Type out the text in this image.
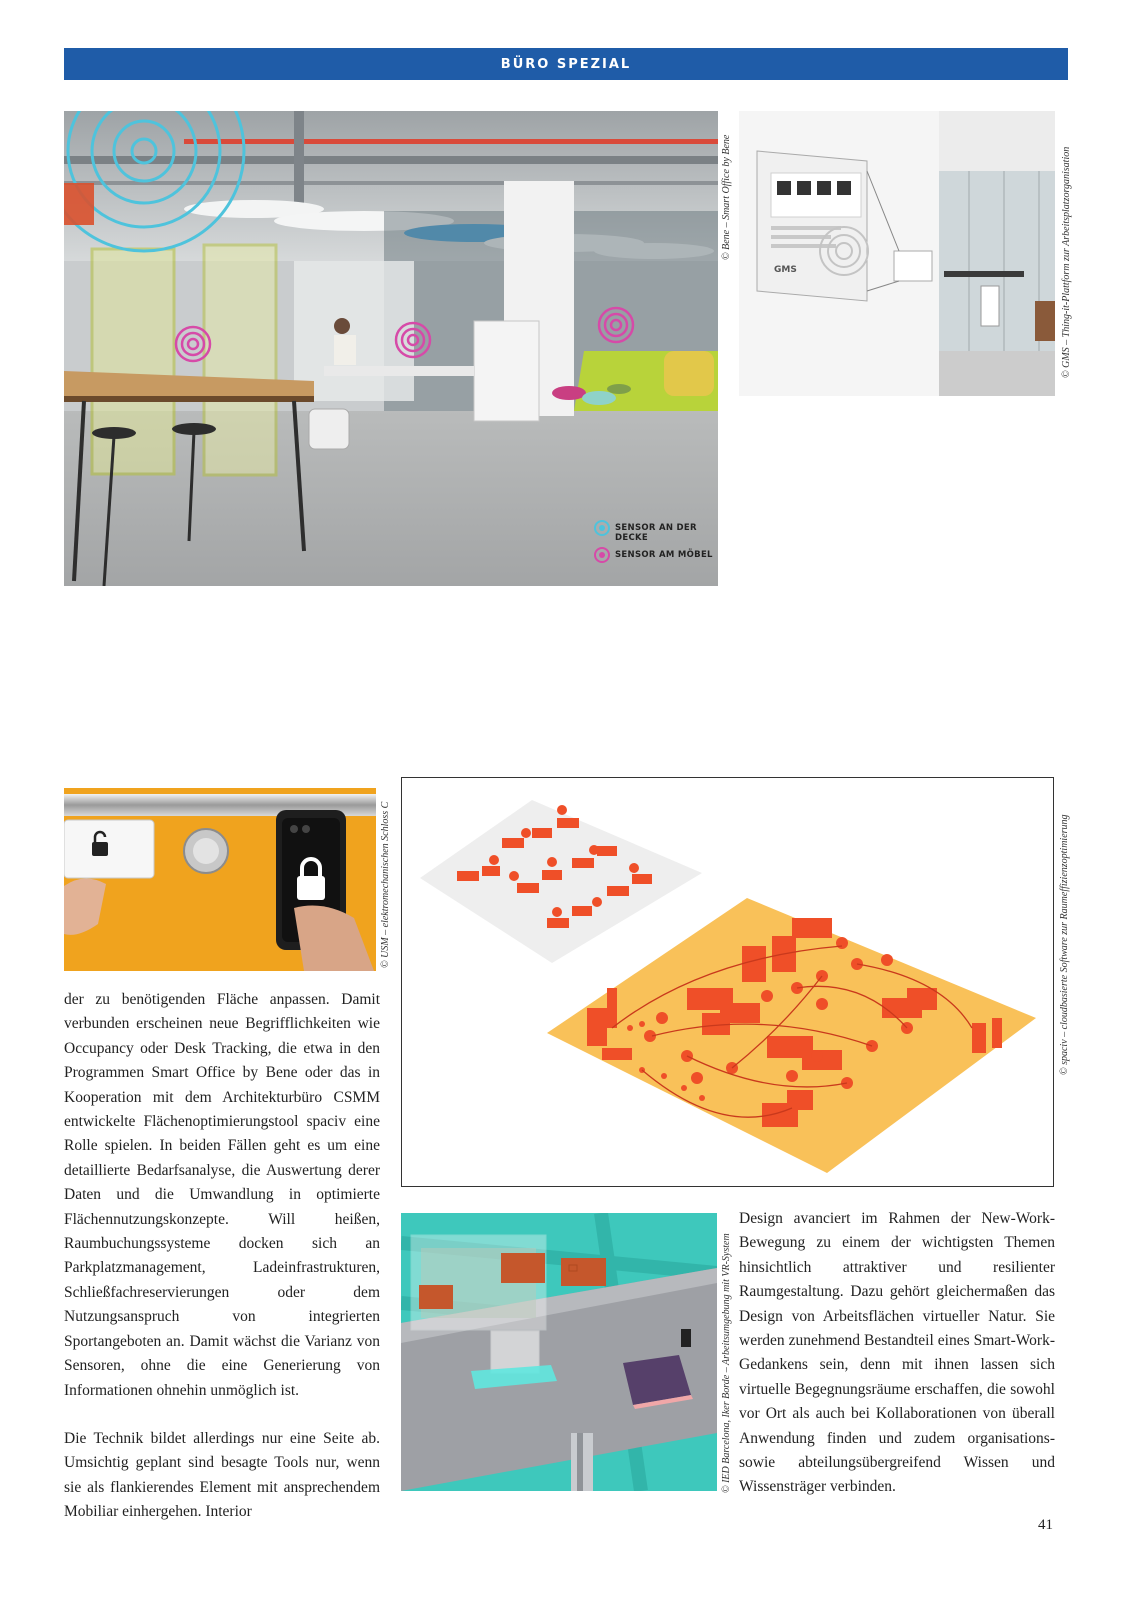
BÜRO SPEZIAL
SENSOR AN DER DECKE
SENSOR AM MÖBEL
© Bene – Smart Office by Bene
GMS	© GMS – Thing-it-Plattform zur Arbeitsplatzorganisation
© USM – elektromechanischen Schloss C	© spaciv – cloudbasierte Software zur Raumeffizienzoptimierung
© IED Barcelona, Iker Borde – Arbeitsumgebung mit VR-System

der zu benötigenden Fläche anpassen. Damit verbunden erscheinen neue Begrifflichkeiten wie Occupancy oder Desk Tracking, die etwa in den Programmen Smart Office by Bene oder das in Kooperation mit dem Architekturbüro CSMM entwickelte Flächenoptimierungstool spaciv eine Rolle spielen. In beiden Fällen geht es um eine detaillierte Bedarfsanalyse, die Auswertung derer Daten und die Umwandlung in optimierte Flächennutzungskonzepte. Will heißen, Raumbuchungssysteme docken sich an Parkplatzmanagement, Ladeinfrastrukturen, Schließfachreservierungen oder dem Nutzungsanspruch von integrierten Sportangeboten an. Damit wächst die Varianz von Sensoren, ohne die eine Generierung von Informationen ohnehin unmöglich ist.

Die Technik bildet allerdings nur eine Seite ab. Umsichtig geplant sind besagte Tools nur, wenn sie als flankierendes Element mit ansprechendem Mobiliar einhergehen. Interior

Design avanciert im Rahmen der New-Work-Bewegung zu einem der wichtigsten Themen hinsichtlich attraktiver und resilienter Raumgestaltung. Dazu gehört gleichermaßen das Design von Arbeitsflächen virtueller Natur. Sie werden zunehmend Bestandteil eines Smart-Work-Gedankens sein, denn mit ihnen lassen sich virtuelle Begegnungsräume erschaffen, die sowohl vor Ort als auch bei Kollaborationen von überall Anwendung finden und zudem organisations- sowie abteilungsübergreifend Wissen und Wissensträger verbinden.

41
